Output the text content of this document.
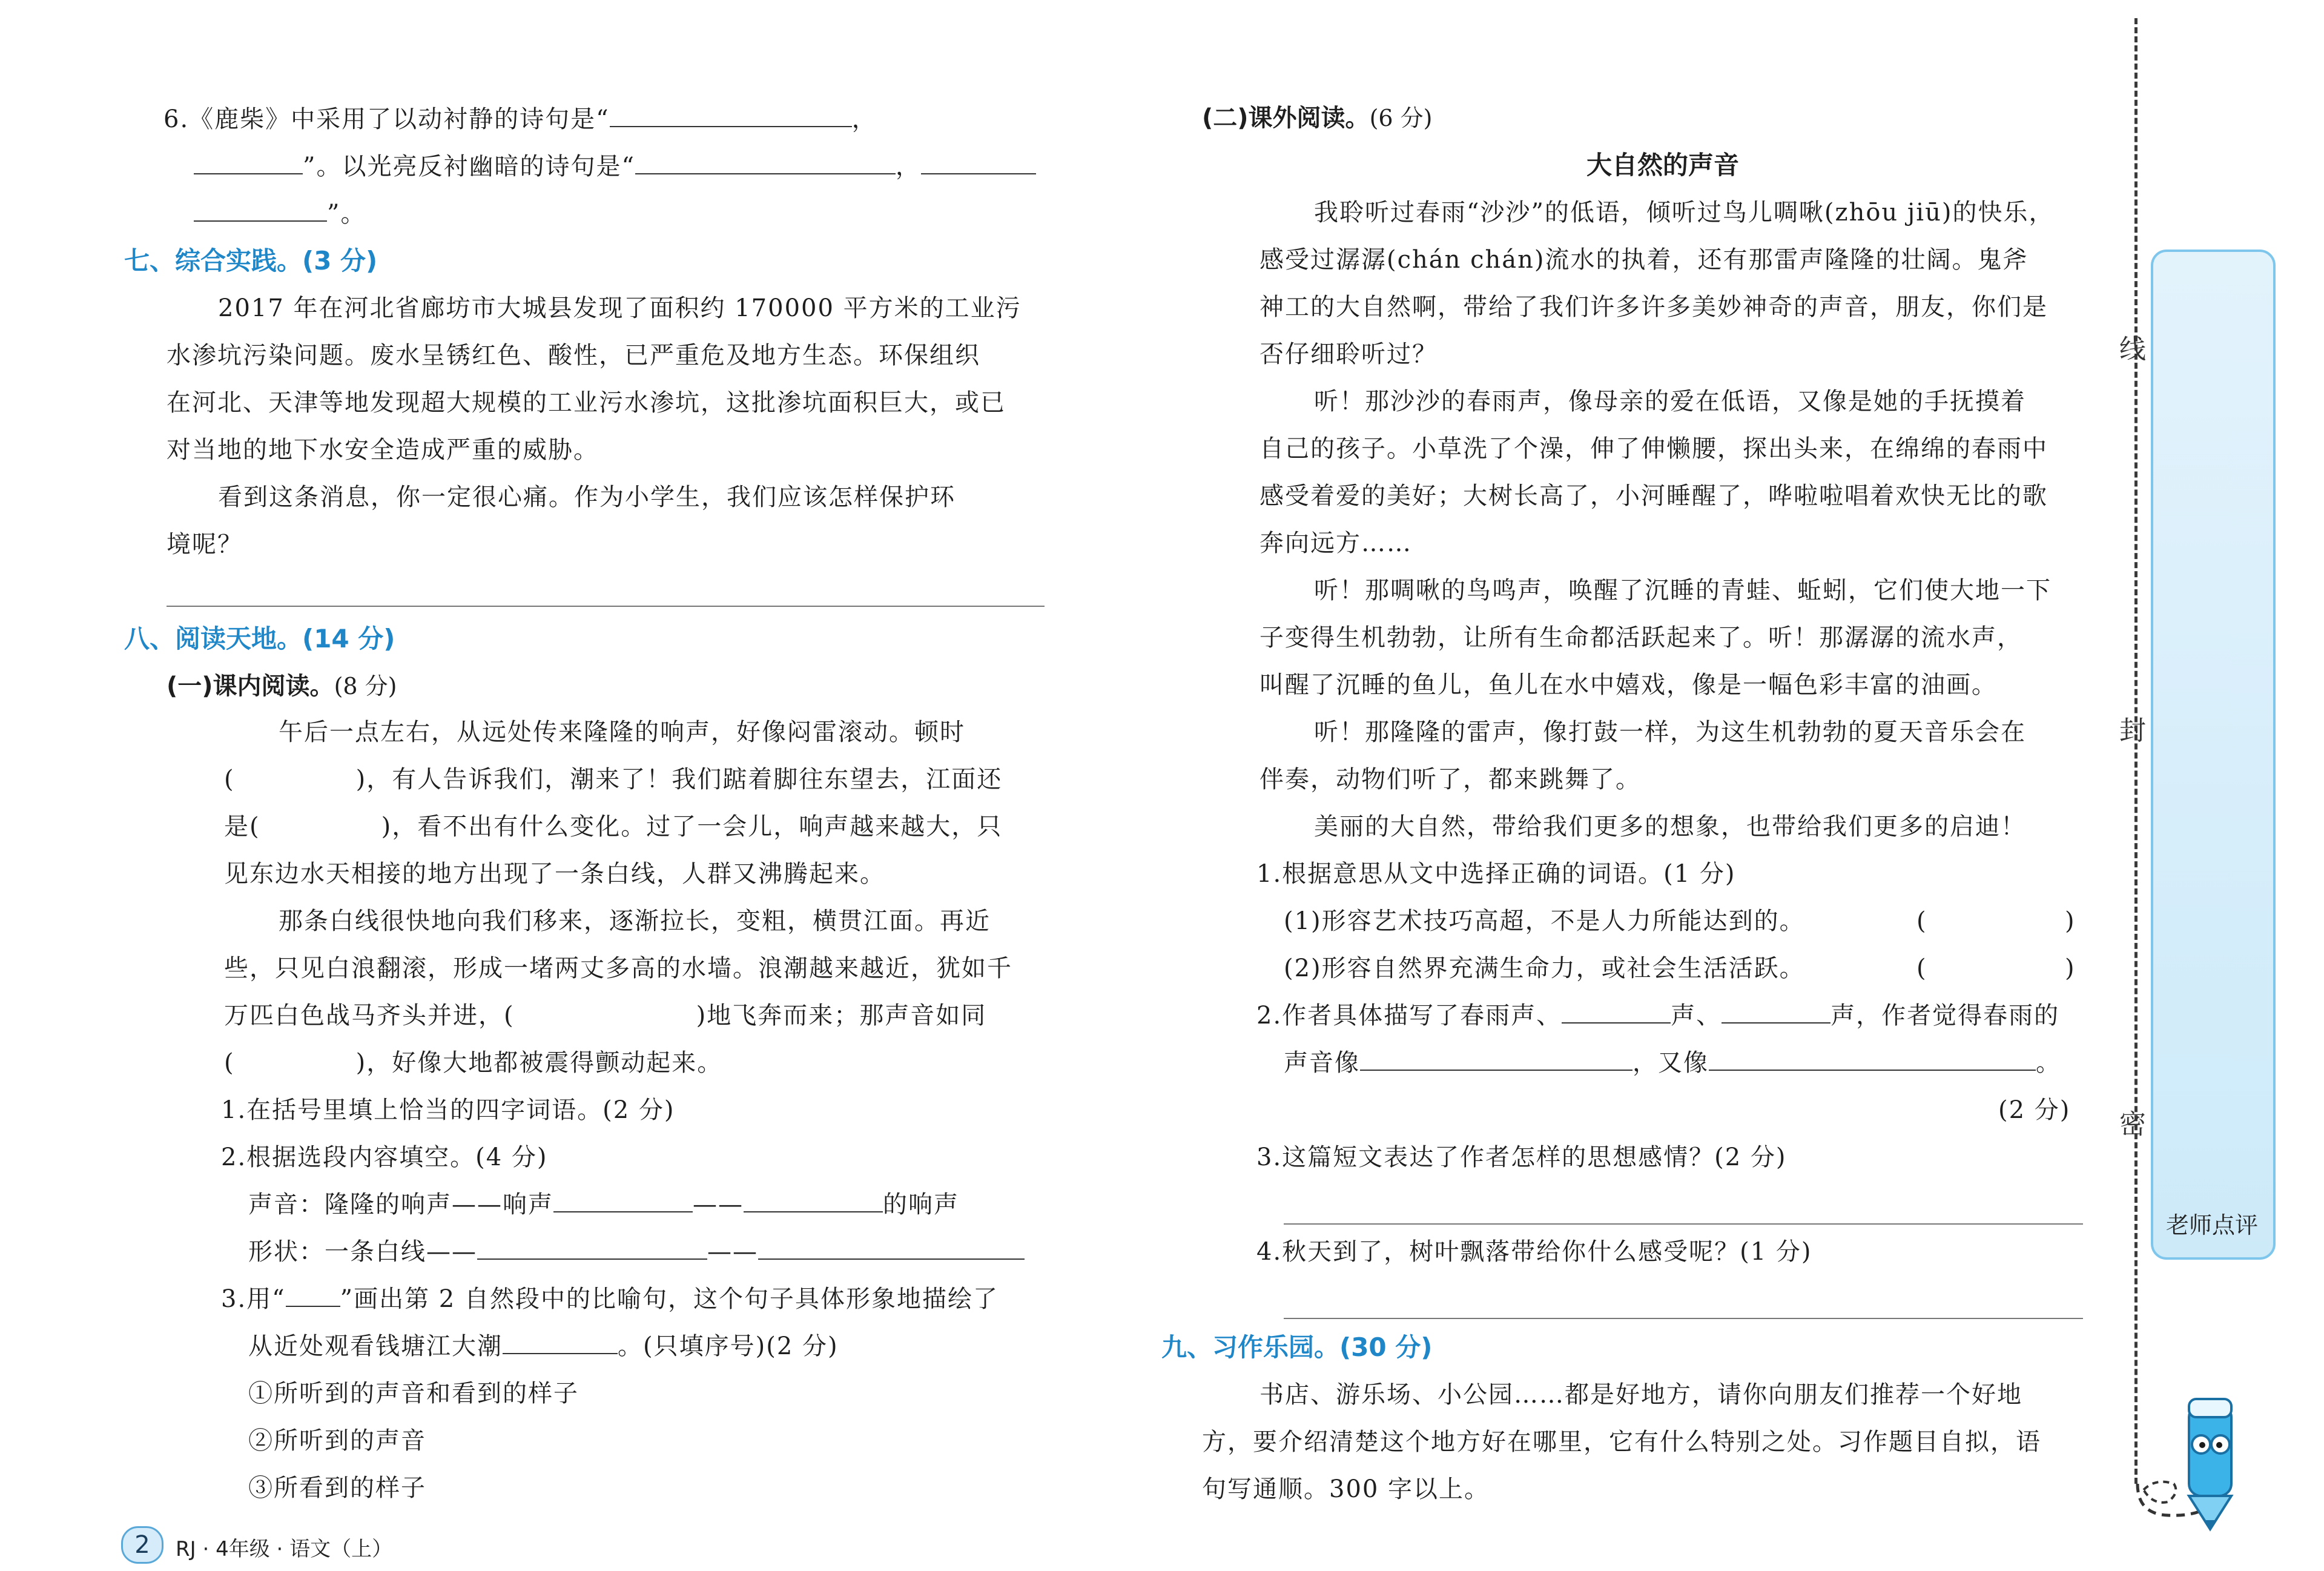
6.《鹿柴》中采用了以动衬静的诗句是“	，
”。以光亮反衬幽暗的诗句是“	，
”。
七、综合实践。(3 分)
2017 年在河北省廊坊市大城县发现了面积约 170000 平方米的工业污
水渗坑污染问题。废水呈锈红色、酸性，已严重危及地方生态。环保组织
在河北、天津等地发现超大规模的工业污水渗坑，这批渗坑面积巨大，或已
对当地的地下水安全造成严重的威胁。
看到这条消息，你一定很心痛。作为小学生，我们应该怎样保护环
境呢？
八、阅读天地。(14 分)
(一)课内阅读。(8 分)
午后一点左右，从远处传来隆隆的响声，好像闷雷滚动。顿时
(	)，有人告诉我们，潮来了！我们踮着脚往东望去，江面还
是(	)，看不出有什么变化。过了一会儿，响声越来越大，只
见东边水天相接的地方出现了一条白线，人群又沸腾起来。
那条白线很快地向我们移来，逐渐拉长，变粗，横贯江面。再近
些，只见白浪翻滚，形成一堵两丈多高的水墙。浪潮越来越近，犹如千
万匹白色战马齐头并进，(	)地飞奔而来；那声音如同
(	)，好像大地都被震得颤动起来。
1.在括号里填上恰当的四字词语。(2 分)
2.根据选段内容填空。(4 分)
声音：隆隆的响声——响声	——	的响声
形状：一条白线——	——
3.用“ ”画出第 2 自然段中的比喻句，这个句子具体形象地描绘了
从近处观看钱塘江大潮	。(只填序号)(2 分)
①所听到的声音和看到的样子
②所听到的声音
③所看到的样子
2	RJ · 4年级 · 语文（上）
(二)课外阅读。(6 分)
大自然的声音
我聆听过春雨“沙沙”的低语，倾听过鸟儿啁啾(zhōu jiū)的快乐，
感受过潺潺(chán chán)流水的执着，还有那雷声隆隆的壮阔。鬼斧
神工的大自然啊，带给了我们许多许多美妙神奇的声音，朋友，你们是
否仔细聆听过？
听！那沙沙的春雨声，像母亲的爱在低语，又像是她的手抚摸着
自己的孩子。小草洗了个澡，伸了伸懒腰，探出头来，在绵绵的春雨中
感受着爱的美好；大树长高了，小河睡醒了，哗啦啦唱着欢快无比的歌
奔向远方……
听！那啁啾的鸟鸣声，唤醒了沉睡的青蛙、蚯蚓，它们使大地一下
子变得生机勃勃，让所有生命都活跃起来了。听！那潺潺的流水声，
叫醒了沉睡的鱼儿，鱼儿在水中嬉戏，像是一幅色彩丰富的油画。
听！那隆隆的雷声，像打鼓一样，为这生机勃勃的夏天音乐会在
伴奏，动物们听了，都来跳舞了。
美丽的大自然，带给我们更多的想象，也带给我们更多的启迪！
1.根据意思从文中选择正确的词语。(1 分)
(1)形容艺术技巧高超，不是人力所能达到的。	(	)
(2)形容自然界充满生命力，或社会生活活跃。	(	)
2.作者具体描写了春雨声、	声、	声，作者觉得春雨的
声音像	，又像	。
(2 分)
3.这篇短文表达了作者怎样的思想感情？(2 分)
4.秋天到了，树叶飘落带给你什么感受呢？(1 分)
九、习作乐园。(30 分)
书店、游乐场、小公园……都是好地方，请你向朋友们推荐一个好地
方，要介绍清楚这个地方好在哪里，它有什么特别之处。习作题目自拟，语
句写通顺。300 字以上。
线
封
密
老师点评
